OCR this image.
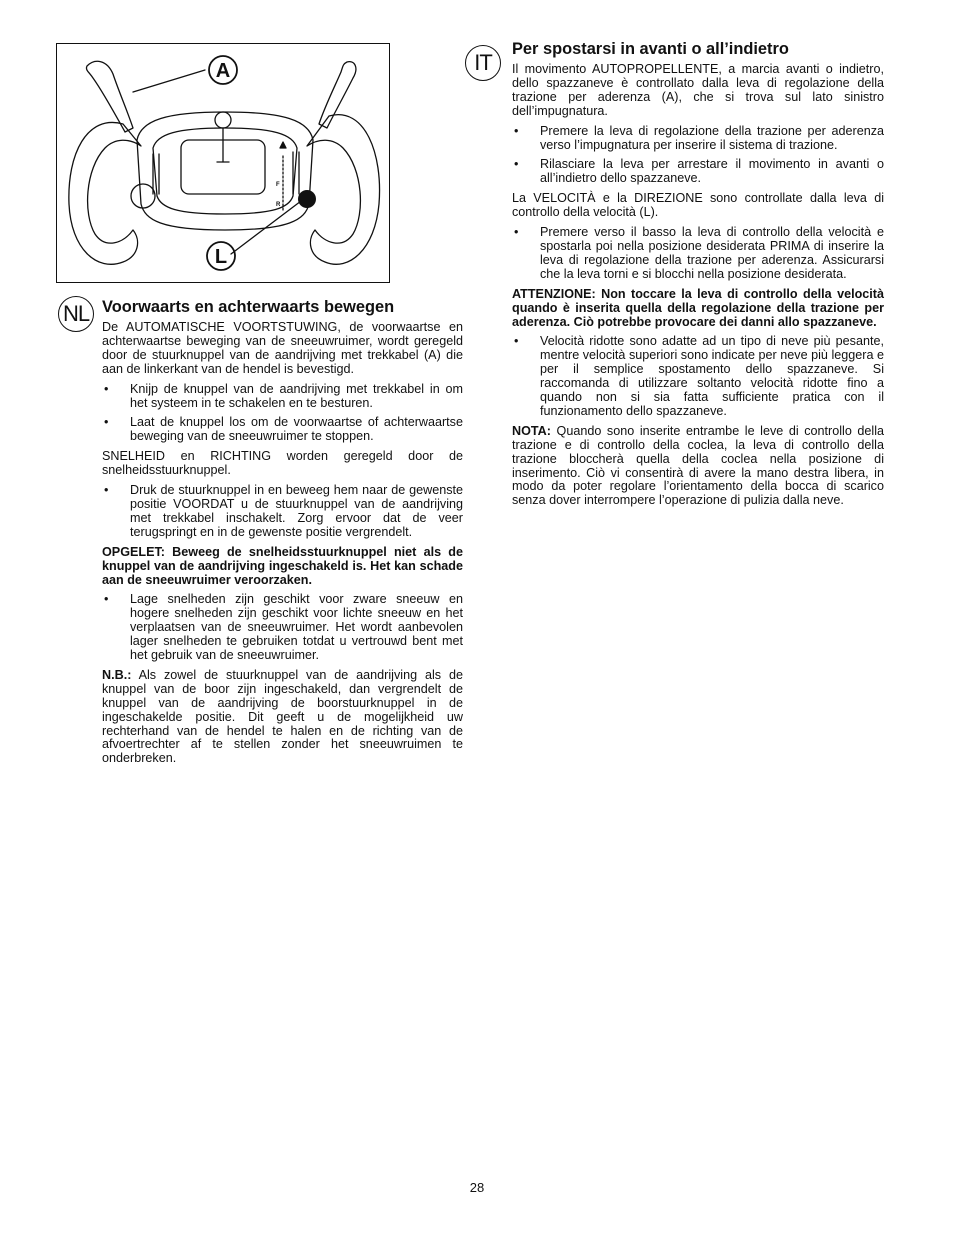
A
L
F
R
NL Voorwaarts en achterwaarts bewegen

De AUTOMATISCHE VOORTSTUWING, de voorwaartse en achterwaartse beweging van de sneeuwruimer, wordt geregeld door de stuurknuppel van de aandrijving met trekkabel (A) die aan de linkerkant van de hendel is bevestigd.

• Knijp de knuppel van de aandrijving met trekkabel in om het systeem in te schakelen en te besturen.
• Laat de knuppel los om de voorwaartse of achterwaartse beweging van de sneeuwruimer te stoppen.

SNELHEID en RICHTING worden geregeld door de snelheidsstuurknuppel.

• Druk de stuurknuppel in en beweeg hem naar de gewenste positie VOORDAT u de stuurknuppel van de aandrijving met trekkabel inschakelt. Zorg ervoor dat de veer terugspringt en in de gewenste positie vergrendelt.

OPGELET: Beweeg de snelheidsstuurknuppel niet als de knuppel van de aandrijving ingeschakeld is. Het kan schade aan de sneeuwruimer veroorzaken.

• Lage snelheden zijn geschikt voor zware sneeuw en hogere snelheden zijn geschikt voor lichte sneeuw en het verplaatsen van de sneeuwruimer. Het wordt aanbevolen lager snelheden te gebruiken totdat u vertrouwd bent met het gebruik van de sneeuwruimer.

N.B.: Als zowel de stuurknuppel van de aandrijving als de knuppel van de boor zijn ingeschakeld, dan vergrendelt de knuppel van de aandrijving de boorstuurknuppel in de ingeschakelde positie. Dit geeft u de mogelijkheid uw rechterhand van de hendel te halen en de richting van de afvoertrechter af te stellen zonder het sneeuwruimen te onderbreken.

IT
Per spostarsi in avanti o all’indietro

Il movimento AUTOPROPELLENTE, a marcia avanti o indietro, dello spazzaneve è controllato dalla leva di regolazione della trazione per aderenza (A), che si trova sul lato sinistro dell’impugnatura.

• Premere la leva di regolazione della trazione per aderenza verso l’impugnatura per inserire il sistema di trazione.
• Rilasciare la leva per arrestare il movimento in avanti o all’indietro dello spazzaneve.

La VELOCITÀ e la DIREZIONE sono controllate dalla leva di controllo della velocità (L).

• Premere verso il basso la leva di controllo della velocità e spostarla poi nella posizione desiderata PRIMA di inserire la leva di regolazione della trazione per aderenza. Assicurarsi che la leva torni e si blocchi nella posizione desiderata.

ATTENZIONE: Non toccare la leva di controllo della velocità quando è inserita quella della regolazione della trazione per aderenza. Ciò potrebbe provocare dei danni allo spazzaneve.

• Velocità ridotte sono adatte ad un tipo di neve più pesante, mentre velocità superiori sono indicate per neve più leggera e per il semplice spostamento dello spazzaneve. Si raccomanda di utilizzare soltanto velocità ridotte fino a quando non si sia fatta sufficiente pratica con il funzionamento dello spazzaneve.

NOTA: Quando sono inserite entrambe le leve di controllo della trazione e di controllo della coclea, la leva di controllo della trazione bloccherà quella della coclea nella posizione di inserimento. Ciò vi consentirà di avere la mano destra libera, in modo da poter regolare l’orientamento della bocca di scarico senza dover interrompere l’operazione di pulizia dalla neve.

28
